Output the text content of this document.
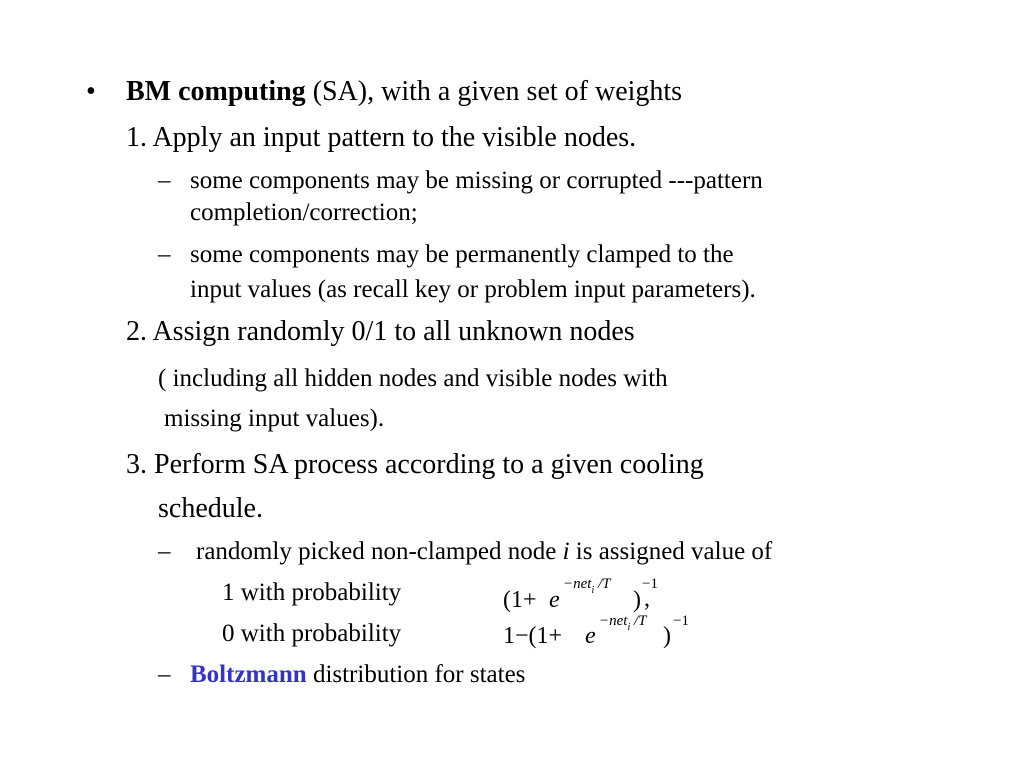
• BM computing (SA), with a given set of weights
1. Apply an input pattern to the visible nodes.
– some components may be missing or corrupted ---pattern
completion/correction;
– some components may be permanently clamped to the
input values (as recall key or problem input parameters).
2. Assign randomly 0/1 to all unknown nodes
( including all hidden nodes and visible nodes with
missing input values).
3. Perform SA process according to a given cooling
schedule.
– randomly picked non-clamped node i is assigned value of
1 with probability	(1+ e
−net$_i$ /T
)
−1
,
0 with probability	1−(1+ e
−net$_i$ /T
)
−1
– Boltzmann distribution for states
